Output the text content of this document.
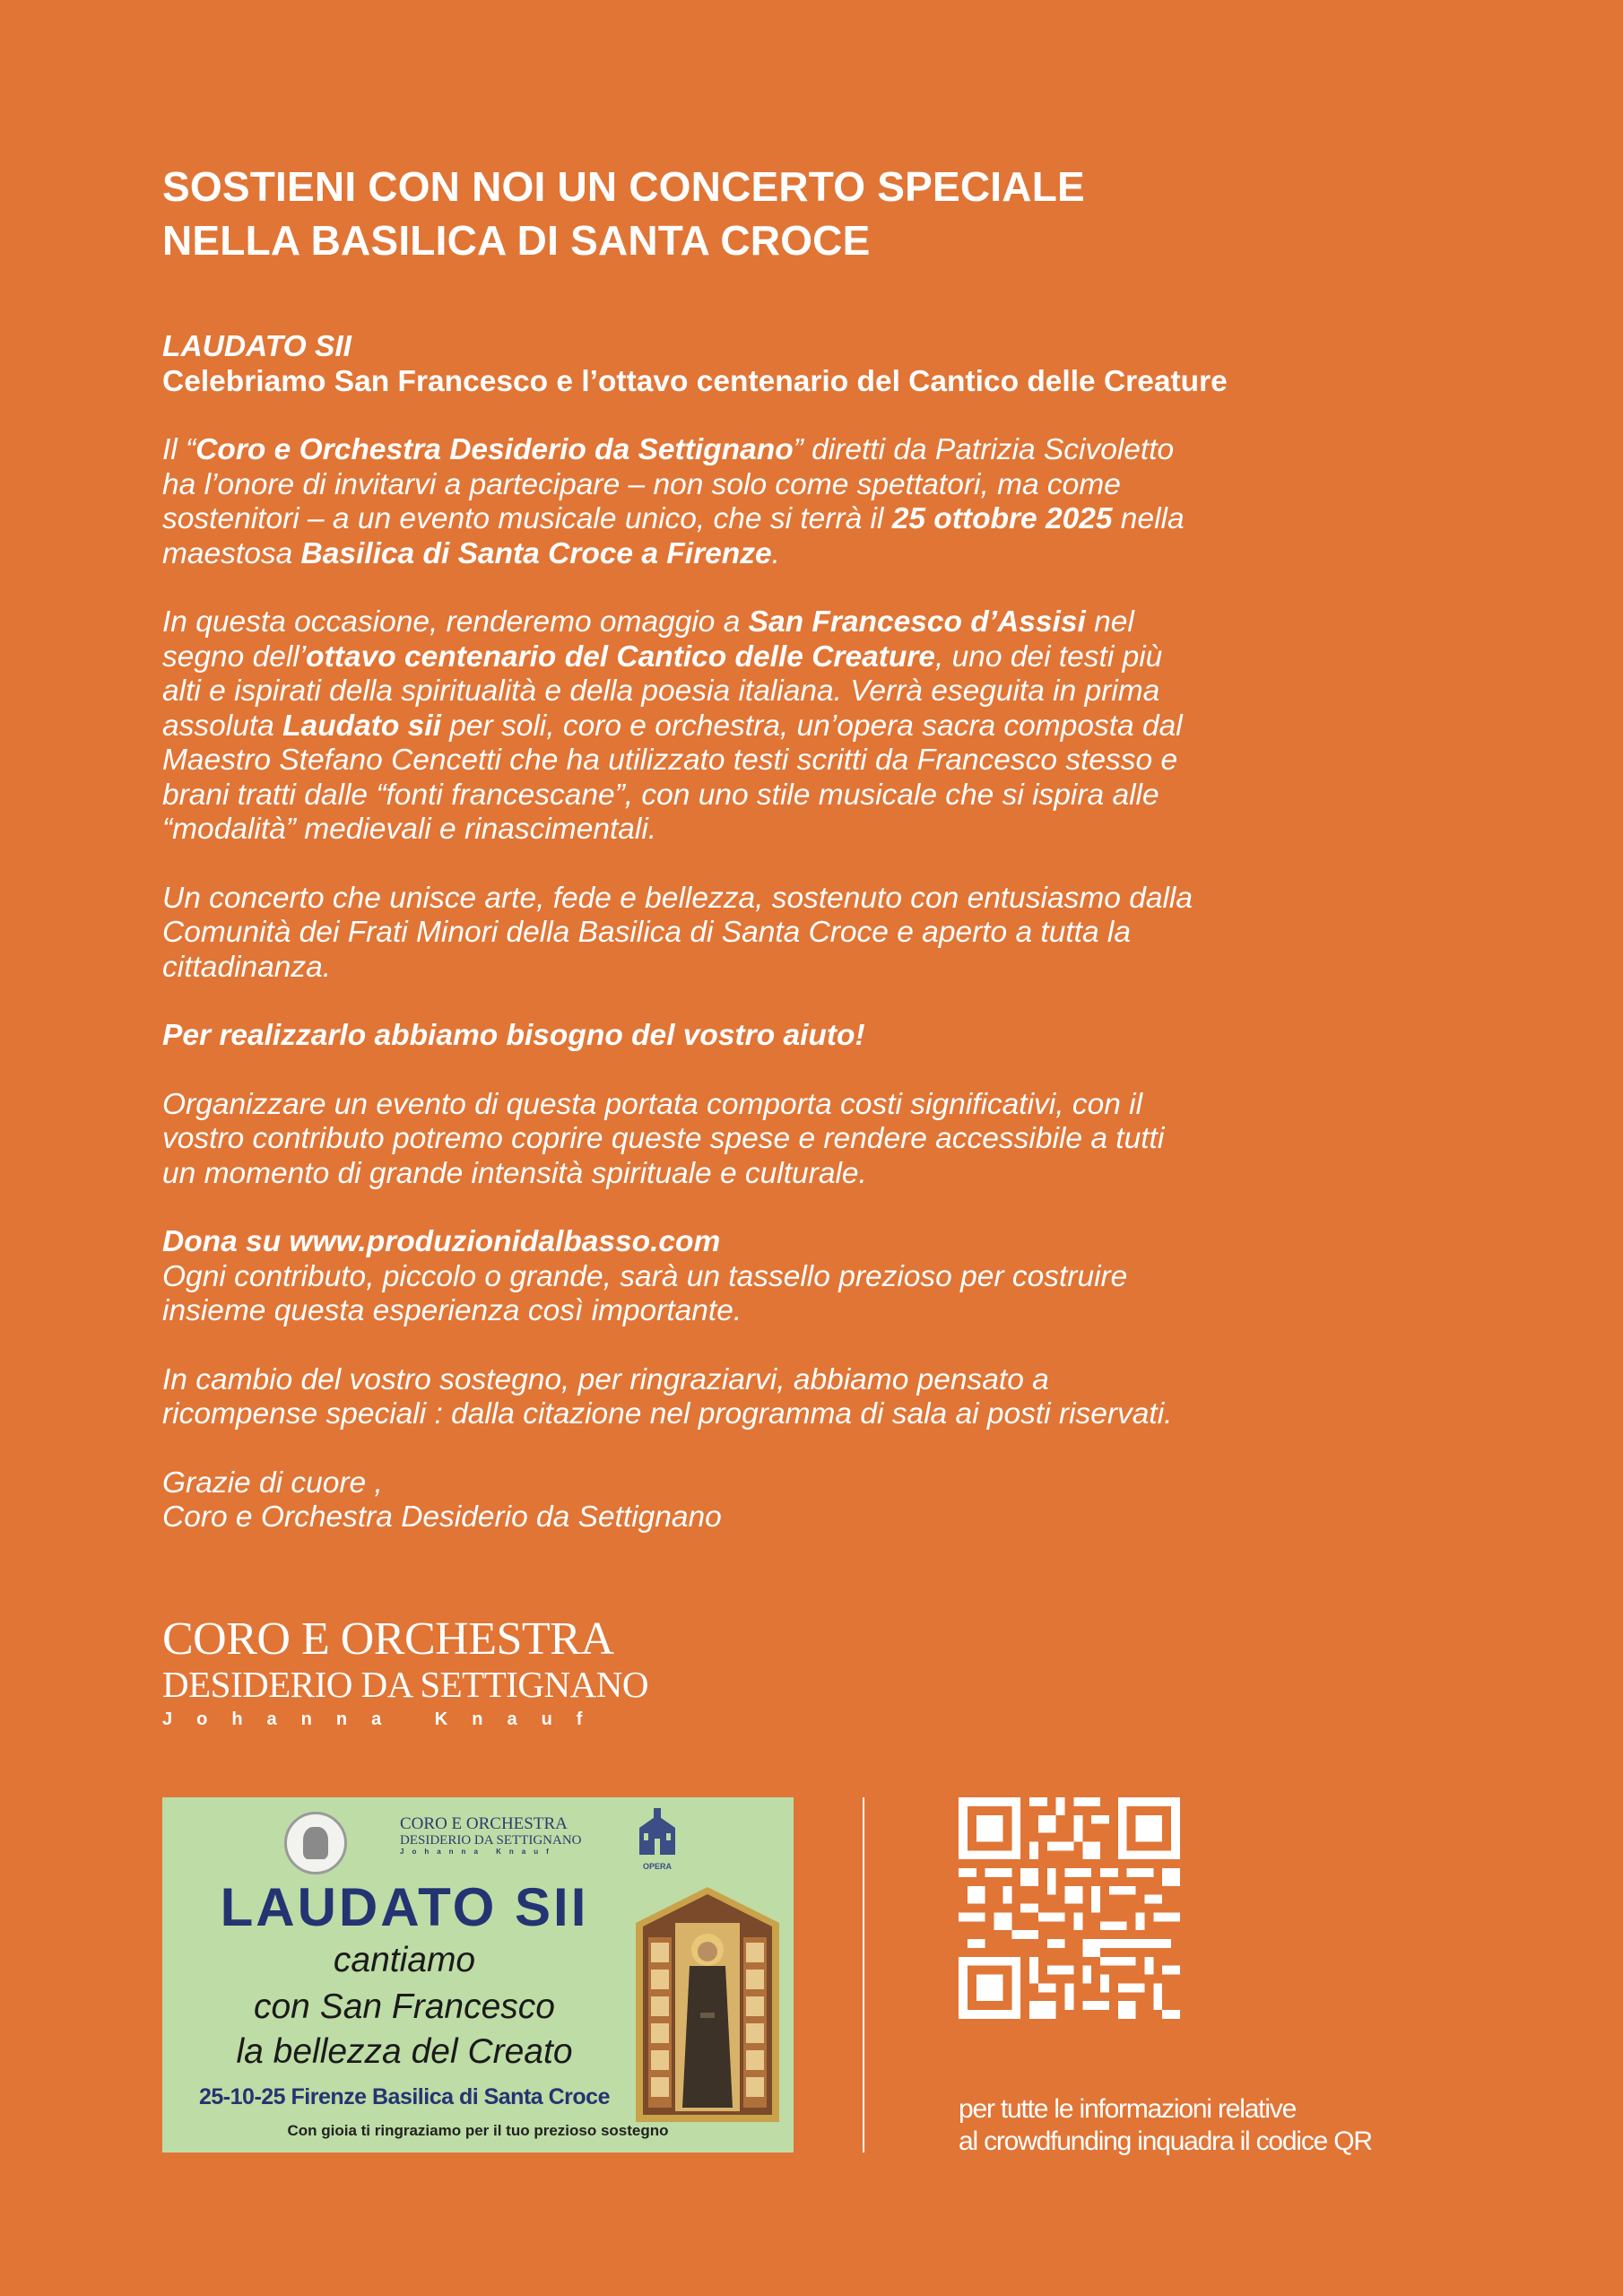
SOSTIENI CON NOI UN CONCERTO SPECIALE
NELLA BASILICA DI SANTA CROCE

LAUDATO SII
Celebriamo San Francesco e l’ottavo centenario del Cantico delle Creature

Il “Coro e Orchestra Desiderio da Settignano” diretti da Patrizia Scivoletto
ha l’onore di invitarvi a partecipare – non solo come spettatori, ma come
sostenitori – a un evento musicale unico, che si terrà il 25 ottobre 2025 nella
maestosa Basilica di Santa Croce a Firenze.

In questa occasione, renderemo omaggio a San Francesco d’Assisi nel
segno dell’ottavo centenario del Cantico delle Creature, uno dei testi più
alti e ispirati della spiritualità e della poesia italiana. Verrà eseguita in prima
assoluta Laudato sii per soli, coro e orchestra, un’opera sacra composta dal
Maestro Stefano Cencetti che ha utilizzato testi scritti da Francesco stesso e
brani tratti dalle “fonti francescane”, con uno stile musicale che si ispira alle
“modalità” medievali e rinascimentali.

Un concerto che unisce arte, fede e bellezza, sostenuto con entusiasmo dalla
Comunità dei Frati Minori della Basilica di Santa Croce e aperto a tutta la
cittadinanza.

Per realizzarlo abbiamo bisogno del vostro aiuto!

Organizzare un evento di questa portata comporta costi significativi, con il
vostro contributo potremo coprire queste spese e rendere accessibile a tutti
un momento di grande intensità spirituale e culturale.

Dona su www.produzionidalbasso.com
Ogni contributo, piccolo o grande, sarà un tassello prezioso per costruire
insieme questa esperienza così importante.

In cambio del vostro sostegno, per ringraziarvi, abbiamo pensato a
ricompense speciali : dalla citazione nel programma di sala ai posti riservati.

Grazie di cuore ,
Coro e Orchestra Desiderio da Settignano

CORO E ORCHESTRA
DESIDERIO DA SETTIGNANO
Johanna Knauf
CORO E ORCHESTRA
DESIDERIO DA SETTIGNANO
Johanna Knauf
OPERA
LAUDATO SII
cantiamo
con San Francesco
la bellezza del Creato
25-10-25 Firenze Basilica di Santa Croce
Con gioia ti ringraziamo per il tuo prezioso sostegno
per tutte le informazioni relative
al crowdfunding inquadra il codice QR
